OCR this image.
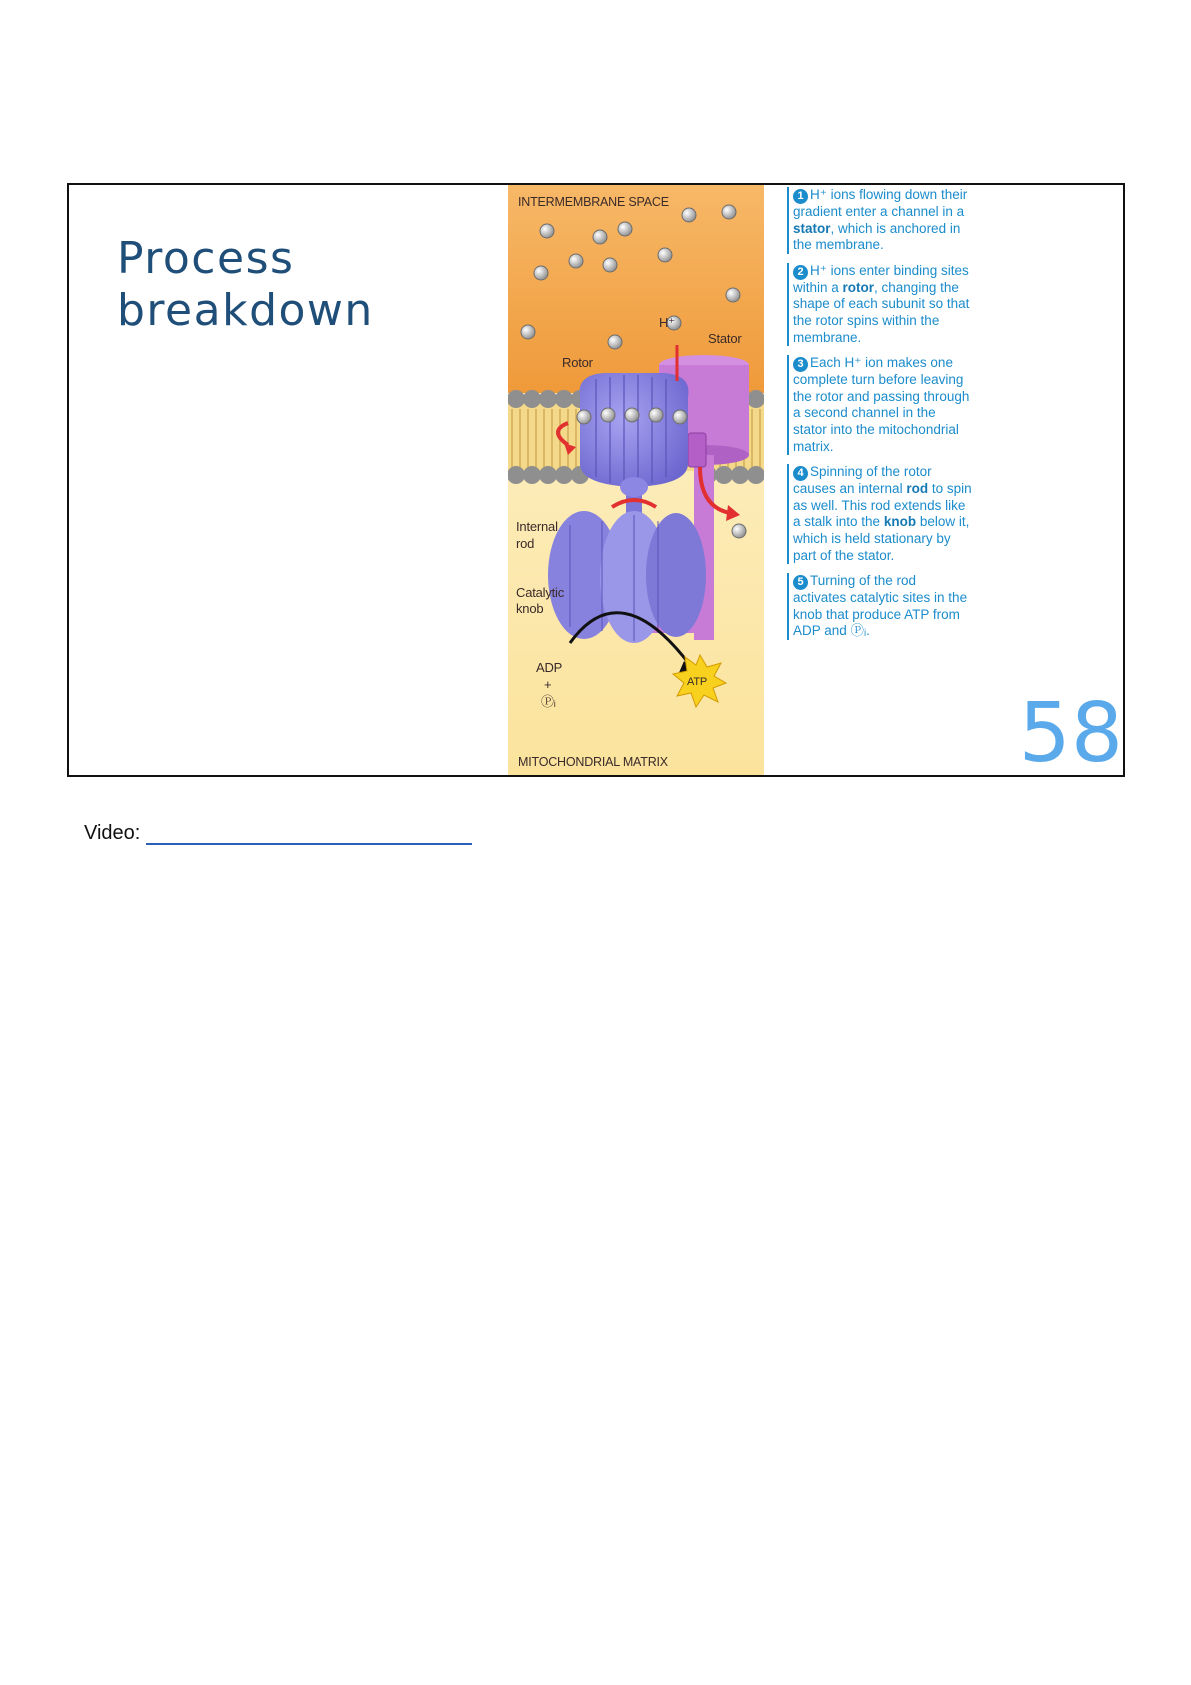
Process
breakdown
INTERMEMBRANE SPACE
MITOCHONDRIAL MATRIX
H⁺
Stator
Rotor
Internal
rod
Catalytic
knob
ADP
+
Ⓟᵢ
ATP
1 H⁺ ions flowing down their gradient enter a channel in a stator, which is anchored in the membrane.
2 H⁺ ions enter binding sites within a rotor, changing the shape of each subunit so that the rotor spins within the membrane.
3 Each H⁺ ion makes one complete turn before leaving the rotor and passing through a second channel in the stator into the mitochondrial matrix.
4 Spinning of the rotor causes an internal rod to spin as well. This rod extends like a stalk into the knob below it, which is held stationary by part of the stator.
5 Turning of the rod activates catalytic sites in the knob that produce ATP from ADP and Ⓟᵢ.
58
Video:
